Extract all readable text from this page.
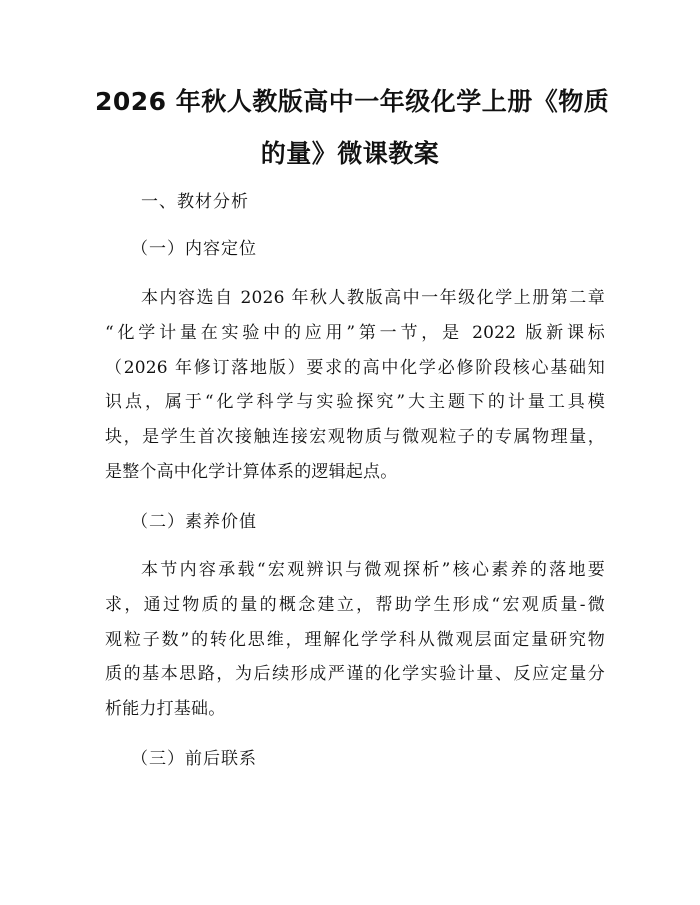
2026 年秋人教版高中一年级化学上册《物质
的量》微课教案
一、教材分析
（一）内容定位
本内容选自 2026 年秋人教版高中一年级化学上册第二章
“化学计量在实验中的应用”第一节，是 2022 版新课标
（2026 年修订落地版）要求的高中化学必修阶段核心基础知
识点，属于“化学科学与实验探究”大主题下的计量工具模
块，是学生首次接触连接宏观物质与微观粒子的专属物理量，
是整个高中化学计算体系的逻辑起点。
（二）素养价值
本节内容承载“宏观辨识与微观探析”核心素养的落地要
求，通过物质的量的概念建立，帮助学生形成“宏观质量-微
观粒子数”的转化思维，理解化学学科从微观层面定量研究物
质的基本思路，为后续形成严谨的化学实验计量、反应定量分
析能力打基础。
（三）前后联系
